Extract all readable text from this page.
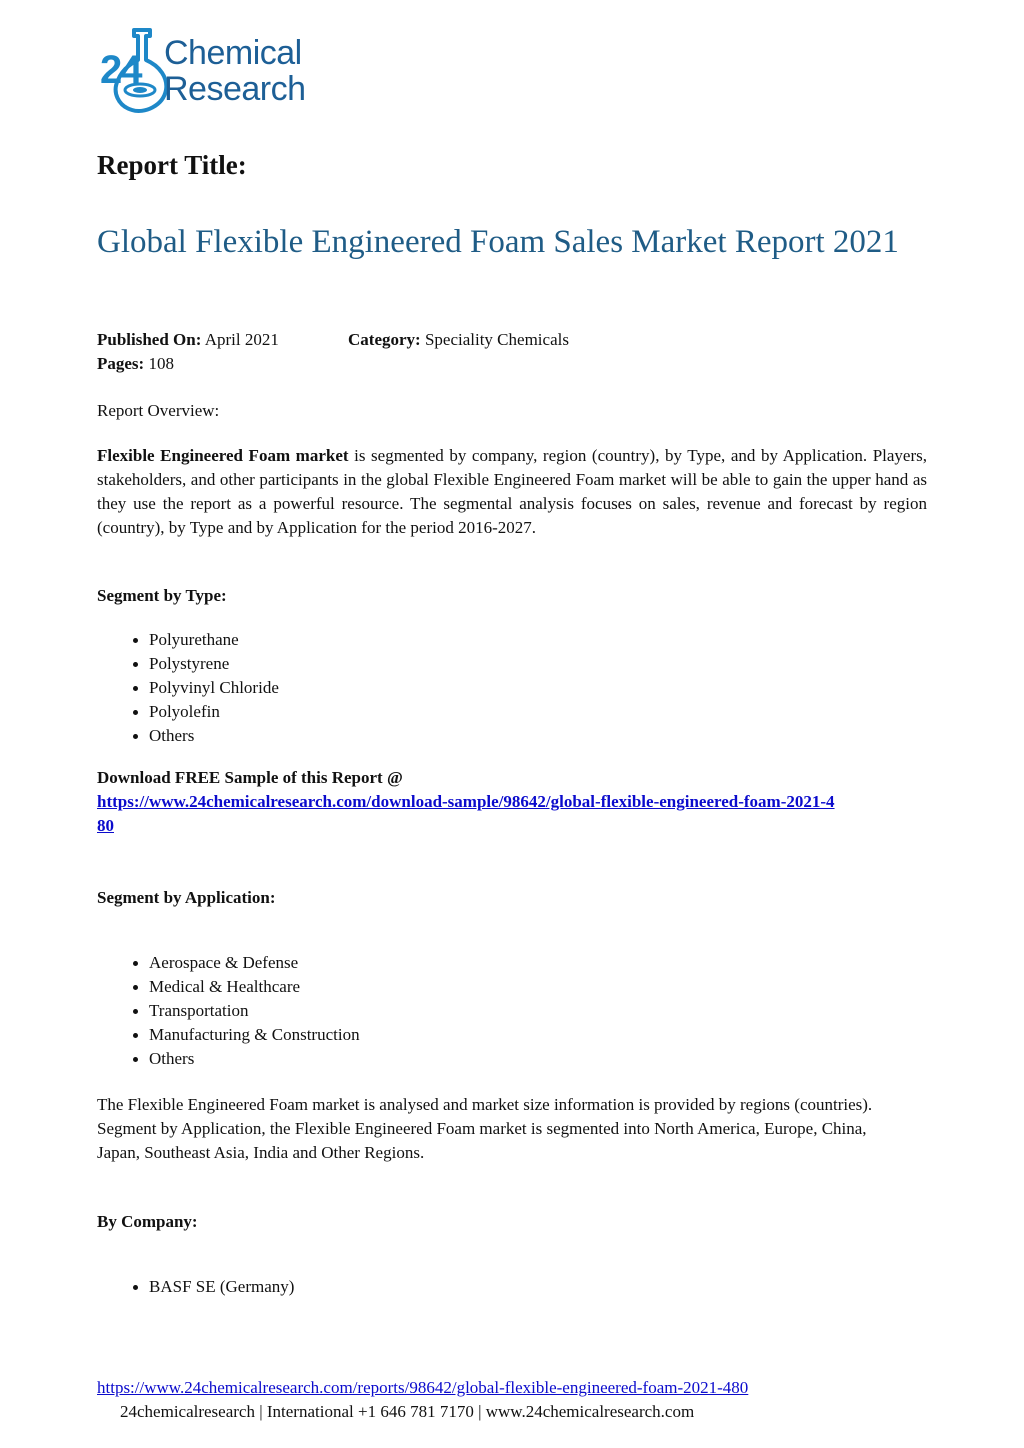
24 Chemical
Research
Report Title:
Global Flexible Engineered Foam Sales Market Report 2021
Published On: April 2021	Category: Speciality Chemicals
Pages: 108
Report Overview:
Flexible Engineered Foam market is segmented by company, region (country), by Type, and by Application. Players, stakeholders, and other participants in the global Flexible Engineered Foam market will be able to gain the upper hand as they use the report as a powerful resource. The segmental analysis focuses on sales, revenue and forecast by region (country), by Type and by Application for the period 2016-2027.
Segment by Type:
Polyurethane
Polystyrene
Polyvinyl Chloride
Polyolefin
Others
Download FREE Sample of this Report @
https://www.24chemicalresearch.com/download-sample/98642/global-flexible-engineered-foam-2021-4
80
Segment by Application:
Aerospace & Defense
Medical & Healthcare
Transportation
Manufacturing & Construction
Others
The Flexible Engineered Foam market is analysed and market size information is provided by regions (countries). Segment by Application, the Flexible Engineered Foam market is segmented into North America, Europe, China, Japan, Southeast Asia, India and Other Regions.
By Company:
BASF SE (Germany)
https://www.24chemicalresearch.com/reports/98642/global-flexible-engineered-foam-2021-480
24chemicalresearch | International +1 646 781 7170 | www.24chemicalresearch.com
